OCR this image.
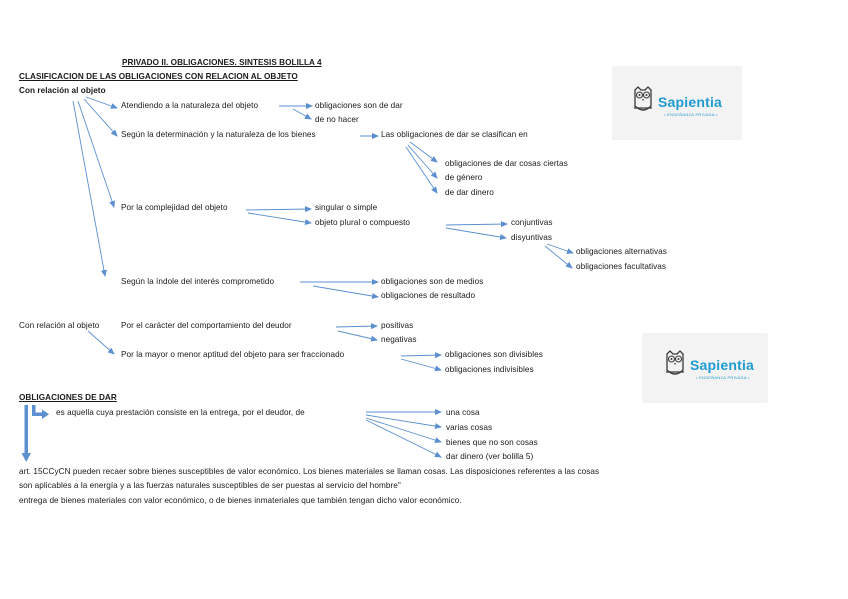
PRIVADO II. OBLIGACIONES. SINTESIS BOLILLA 4
CLASIFICACION DE LAS OBLIGACIONES CON RELACION AL OBJETO
Con relación al objeto
Atendiendo a la naturaleza del objeto	obligaciones son de dar
de no hacer
Según la determinación y la naturaleza de los bienes	Las obligaciones de dar se clasifican en
obligaciones de dar cosas ciertas
de género
de dar dinero
Por la complejidad del objeto	singular o simple
objeto plural o compuesto	conjuntivas
disyuntivas
obligaciones alternativas
obligaciones facultativas
Según la índole del interés comprometido	obligaciones son de medios
obligaciones de resultado
Con relación al objeto	Por el carácter del comportamiento del deudor	positivas
negativas
Por la mayor o menor aptitud del objeto para ser fraccionado	obligaciones son divisibles
obligaciones indivisibles
OBLIGACIONES DE DAR
es aquella cuya prestación consiste en la entrega, por el deudor, de	una cosa
varias cosas
bienes que no son cosas
dar dinero (ver bolilla 5)
art. 15CCyCN pueden recaer sobre bienes susceptibles de valor económico. Los bienes materiales se llaman cosas. Las disposiciones referentes a las cosas
son aplicables a la energía y a las fuerzas naturales susceptibles de ser puestas al servicio del hombre"
entrega de bienes materiales con valor económico, o de bienes inmateriales que también tengan dicho valor económico.
Sapientia
• ENSEÑANZA PRIVADA •
Sapientia
• ENSEÑANZA PRIVADA •
